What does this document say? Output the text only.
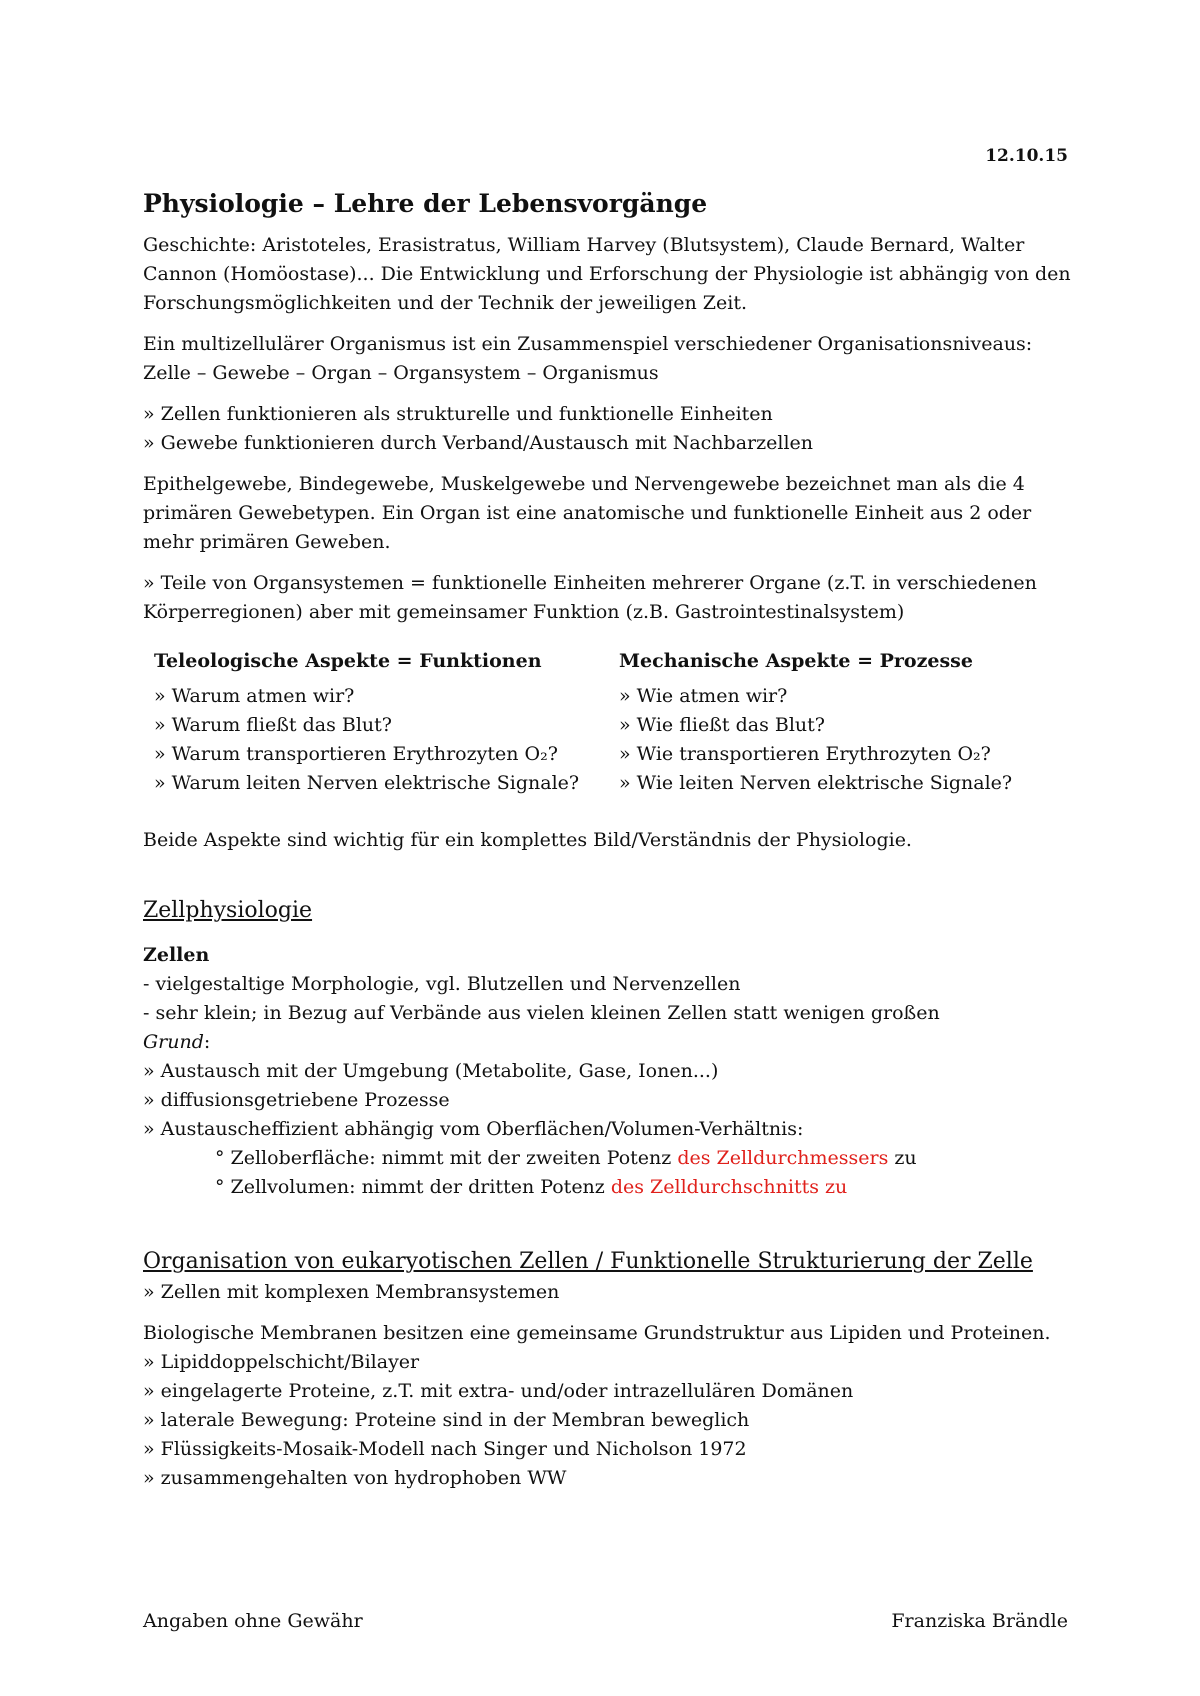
12.10.15
Physiologie – Lehre der Lebensvorgänge

Geschichte: Aristoteles, Erasistratus, William Harvey (Blutsystem), Claude Bernard, Walter Cannon (Homöostase)... Die Entwicklung und Erforschung der Physiologie ist abhängig von den Forschungsmöglichkeiten und der Technik der jeweiligen Zeit.

Ein multizellulärer Organismus ist ein Zusammenspiel verschiedener Organisationsniveaus:
Zelle – Gewebe – Organ – Organsystem – Organismus

» Zellen funktionieren als strukturelle und funktionelle Einheiten
» Gewebe funktionieren durch Verband/Austausch mit Nachbarzellen

Epithelgewebe, Bindegewebe, Muskelgewebe und Nervengewebe bezeichnet man als die 4 primären Gewebetypen. Ein Organ ist eine anatomische und funktionelle Einheit aus 2 oder mehr primären Geweben.

» Teile von Organsystemen = funktionelle Einheiten mehrerer Organe (z.T. in verschiedenen Körperregionen) aber mit gemeinsamer Funktion (z.B. Gastrointestinalsystem)

Teleologische Aspekte = Funktionen
» Warum atmen wir?
» Warum fließt das Blut?
» Warum transportieren Erythrozyten O₂?
» Warum leiten Nerven elektrische Signale?
Mechanische Aspekte = Prozesse
» Wie atmen wir?
» Wie fließt das Blut?
» Wie transportieren Erythrozyten O₂?
» Wie leiten Nerven elektrische Signale?

Beide Aspekte sind wichtig für ein komplettes Bild/Verständnis der Physiologie.

Zellphysiologie
Zellen
- vielgestaltige Morphologie, vgl. Blutzellen und Nervenzellen
- sehr klein; in Bezug auf Verbände aus vielen kleinen Zellen statt wenigen großen
Grund:
» Austausch mit der Umgebung (Metabolite, Gase, Ionen...)
» diffusionsgetriebene Prozesse
» Austauscheffizient abhängig vom Oberflächen/Volumen-Verhältnis:
° Zelloberfläche: nimmt mit der zweiten Potenz des Zelldurchmessers zu
° Zellvolumen: nimmt der dritten Potenz des Zelldurchschnitts zu
Organisation von eukaryotischen Zellen / Funktionelle Strukturierung der Zelle

» Zellen mit komplexen Membransystemen

Biologische Membranen besitzen eine gemeinsame Grundstruktur aus Lipiden und Proteinen.
» Lipiddoppelschicht/Bilayer
» eingelagerte Proteine, z.T. mit extra- und/oder intrazellulären Domänen
» laterale Bewegung: Proteine sind in der Membran beweglich
» Flüssigkeits-Mosaik-Modell nach Singer und Nicholson 1972
» zusammengehalten von hydrophoben WW
Angaben ohne Gewähr	Franziska Brändle
